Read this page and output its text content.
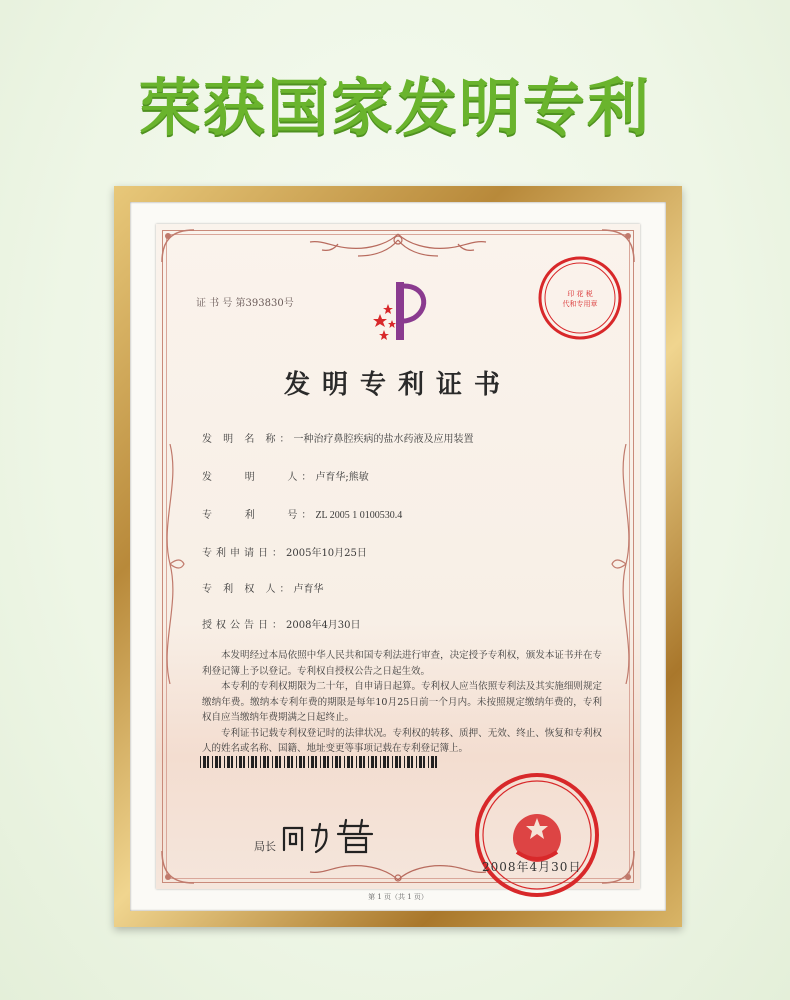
荣获国家发明专利
证 书 号 第393830号
印 花 税
代和专用章
发明专利证书
发 明 名 称：一种治疗鼻腔疾病的盐水药液及应用装置
发    明    人：卢育华;熊敏
专    利    号：ZL 2005 1 0100530.4
专利申请日：2005年10月25日
专 利 权 人：卢育华
授权公告日：2008年4月30日

本发明经过本局依照中华人民共和国专利法进行审查，决定授予专利权，颁发本证书并在专利登记簿上予以登记。专利权自授权公告之日起生效。

本专利的专利权期限为二十年，自申请日起算。专利权人应当依照专利法及其实施细则规定缴纳年费。缴纳本专利年费的期限是每年10月25日前一个月内。未按照规定缴纳年费的，专利权自应当缴纳年费期满之日起终止。

专利证书记载专利权登记时的法律状况。专利权的转移、质押、无效、终止、恢复和专利权人的姓名或名称、国籍、地址变更等事项记载在专利登记簿上。

局长
2008年4月30日
第 1 页（共 1 页）
